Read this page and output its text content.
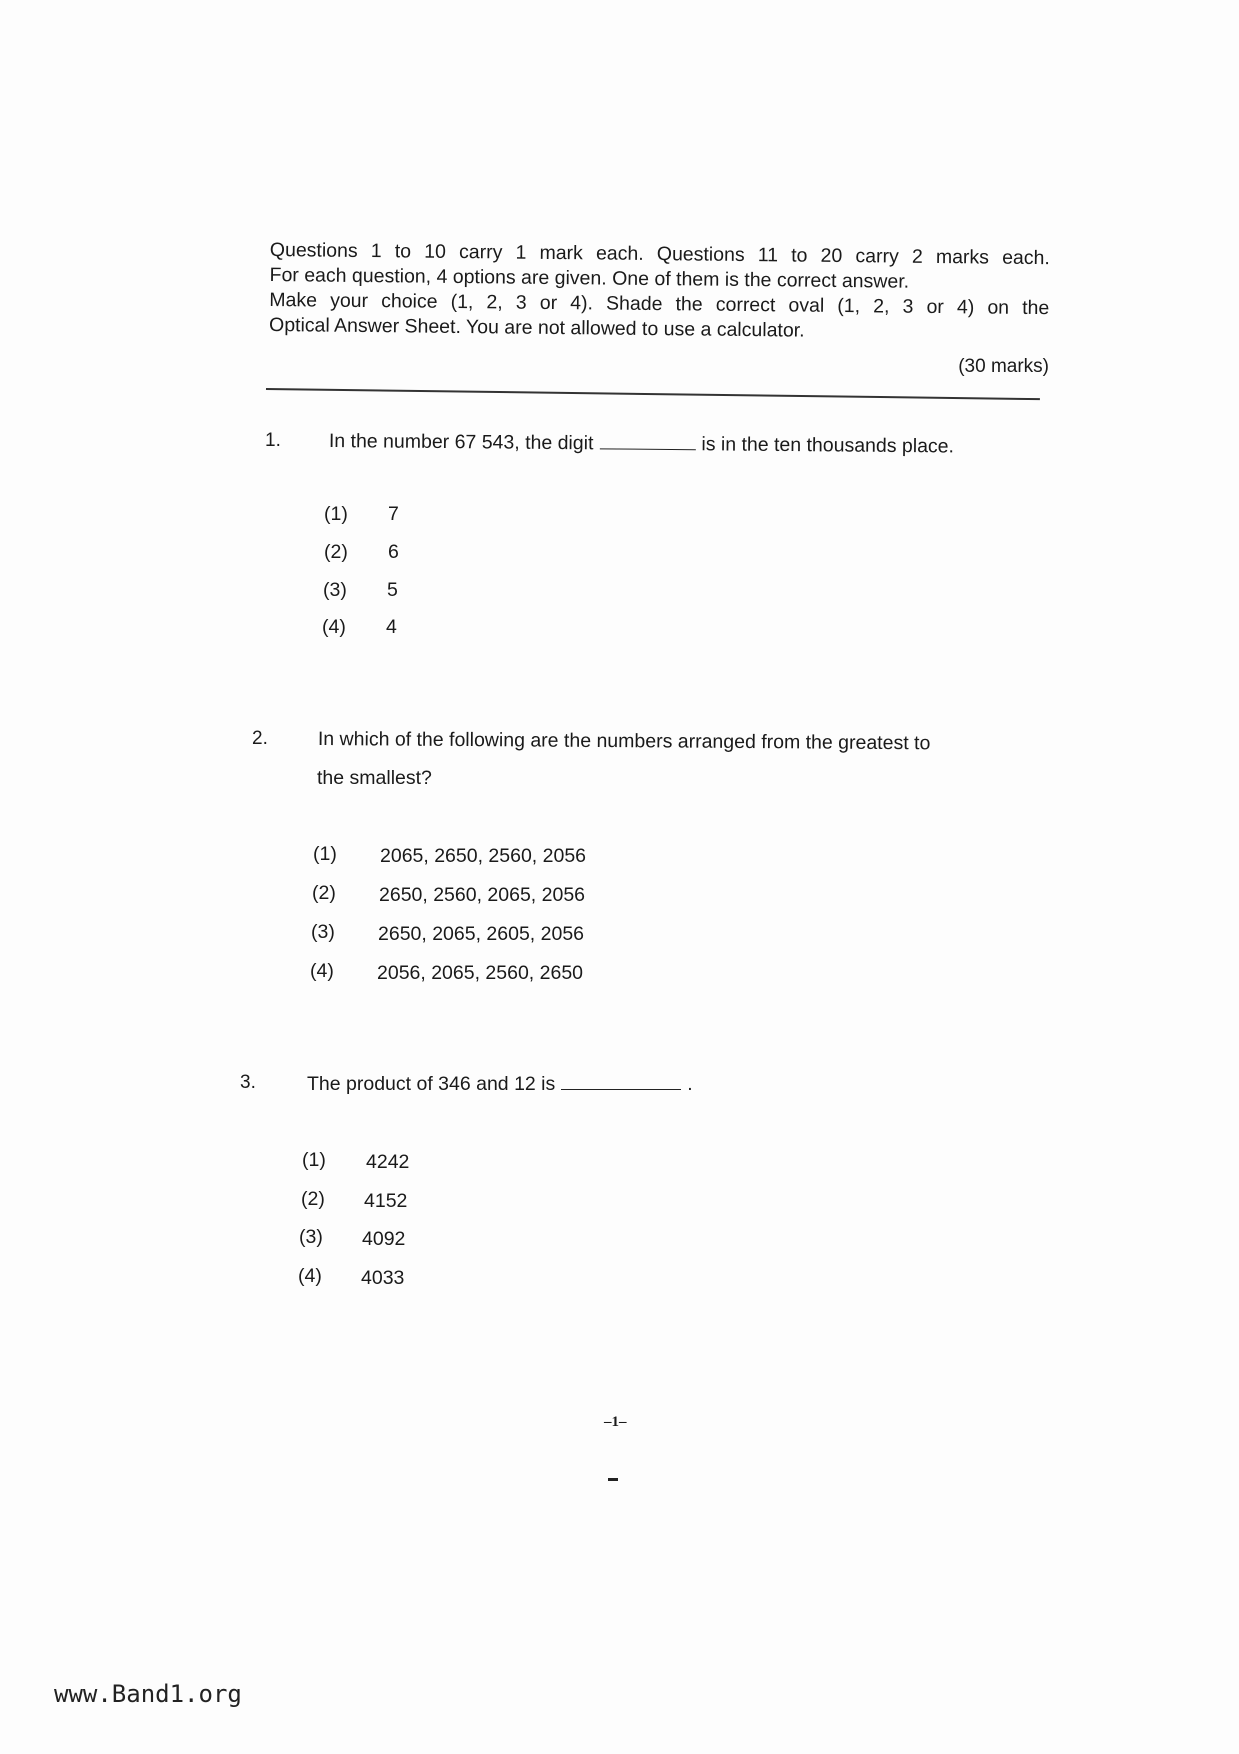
Questions 1 to 10 carry 1 mark each. Questions 11 to 20 carry 2 marks each.

For each question, 4 options are given. One of them is the correct answer.

Make your choice (1, 2, 3 or 4). Shade the correct oval (1, 2, 3 or 4) on the

Optical Answer Sheet. You are not allowed to use a calculator.

(30 marks)
1. In the number 67 543, the digit	is in the ten thousands place.
(1) 7
(2) 6
(3) 5
(4) 4
2.	In which of the following are the numbers arranged from the greatest to
the smallest?
(1) 2065, 2650, 2560, 2056
(2) 2650, 2560, 2065, 2056
(3) 2650, 2065, 2605, 2056
(4) 2056, 2065, 2560, 2650
3.	The product of 346 and 12 is	.
(1) 4242
(2) 4152
(3) 4092
(4) 4033
–1–
www.Band1.org
